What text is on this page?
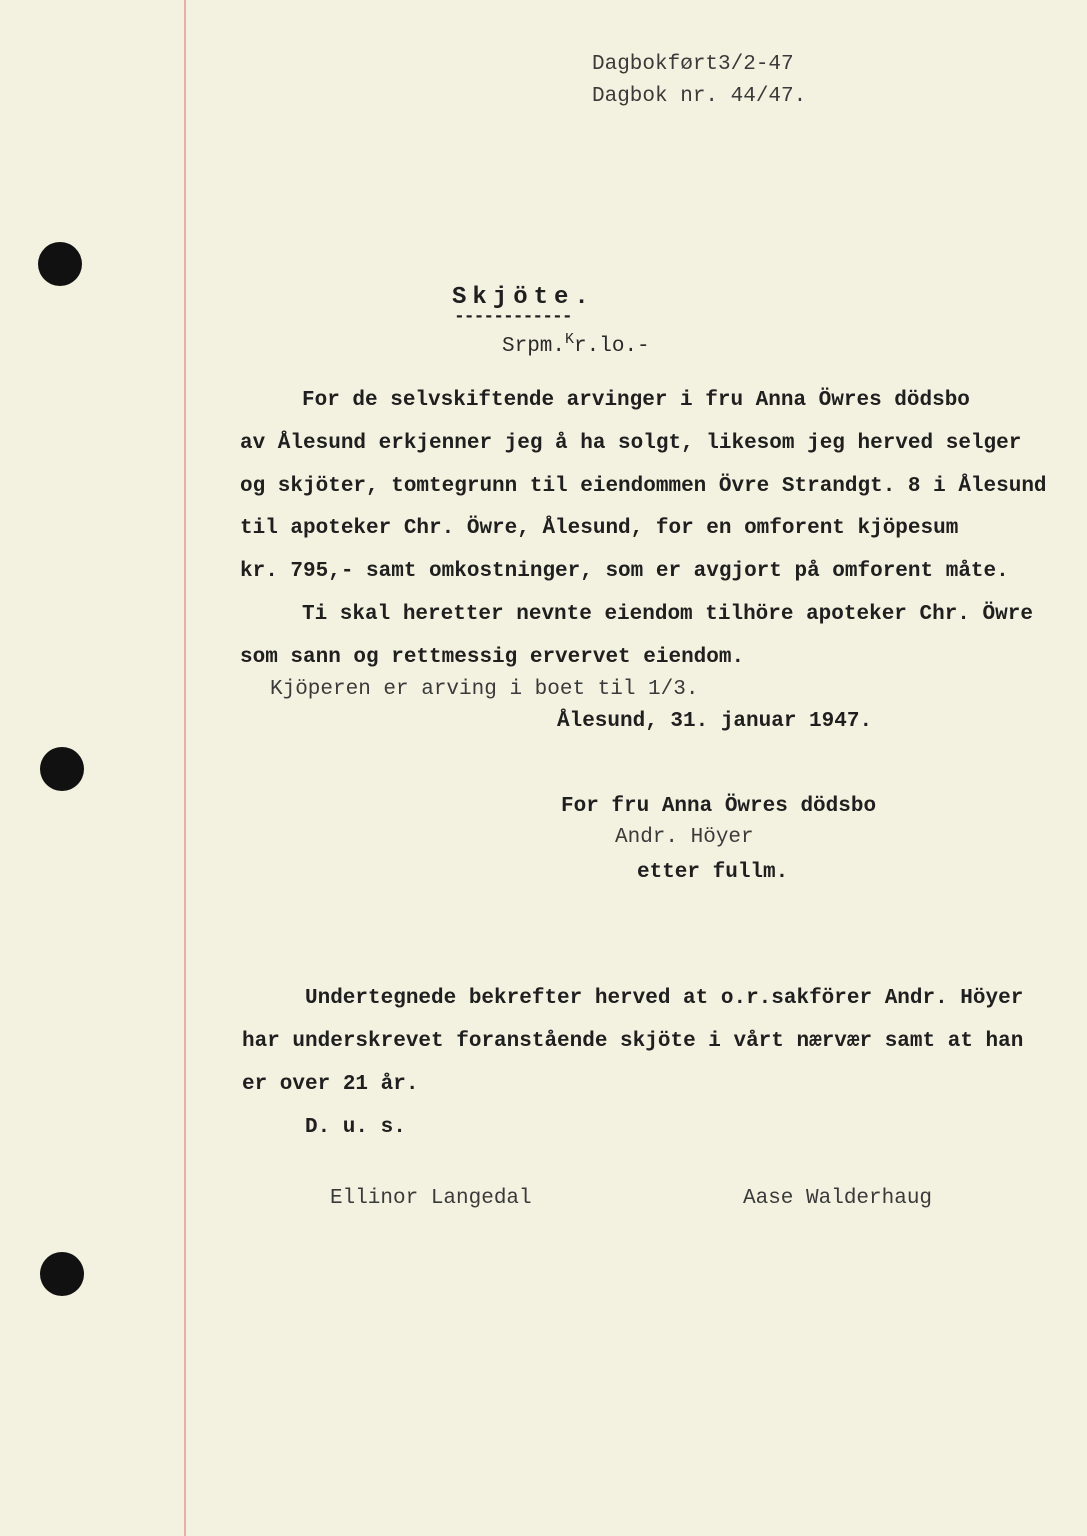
Dagbokført3/2-47

Dagbok nr. 44/47.

Skjöte.

------------

Srpm.$^K$r.lo.-

For de selvskiftende arvinger i fru Anna Öwres dödsbo

av Ålesund erkjenner jeg å ha solgt, likesom jeg herved selger

og skjöter, tomtegrunn til eiendommen Övre Strandgt. 8 i Ålesund

til apoteker Chr. Öwre, Ålesund, for en omforent kjöpesum

kr. 795,- samt omkostninger, som er avgjort på omforent måte.

Ti skal heretter nevnte eiendom tilhöre apoteker Chr. Öwre

som sann og rettmessig ervervet eiendom.

Kjöperen er arving i boet til 1/3.

Ålesund, 31. januar 1947.

For fru Anna Öwres dödsbo

Andr. Höyer

etter fullm.

Undertegnede bekrefter herved at o.r.sakförer Andr. Höyer

har underskrevet foranstående skjöte i vårt nærvær samt at han

er over 21 år.

D. u. s.

Ellinor Langedal	Aase Walderhaug
